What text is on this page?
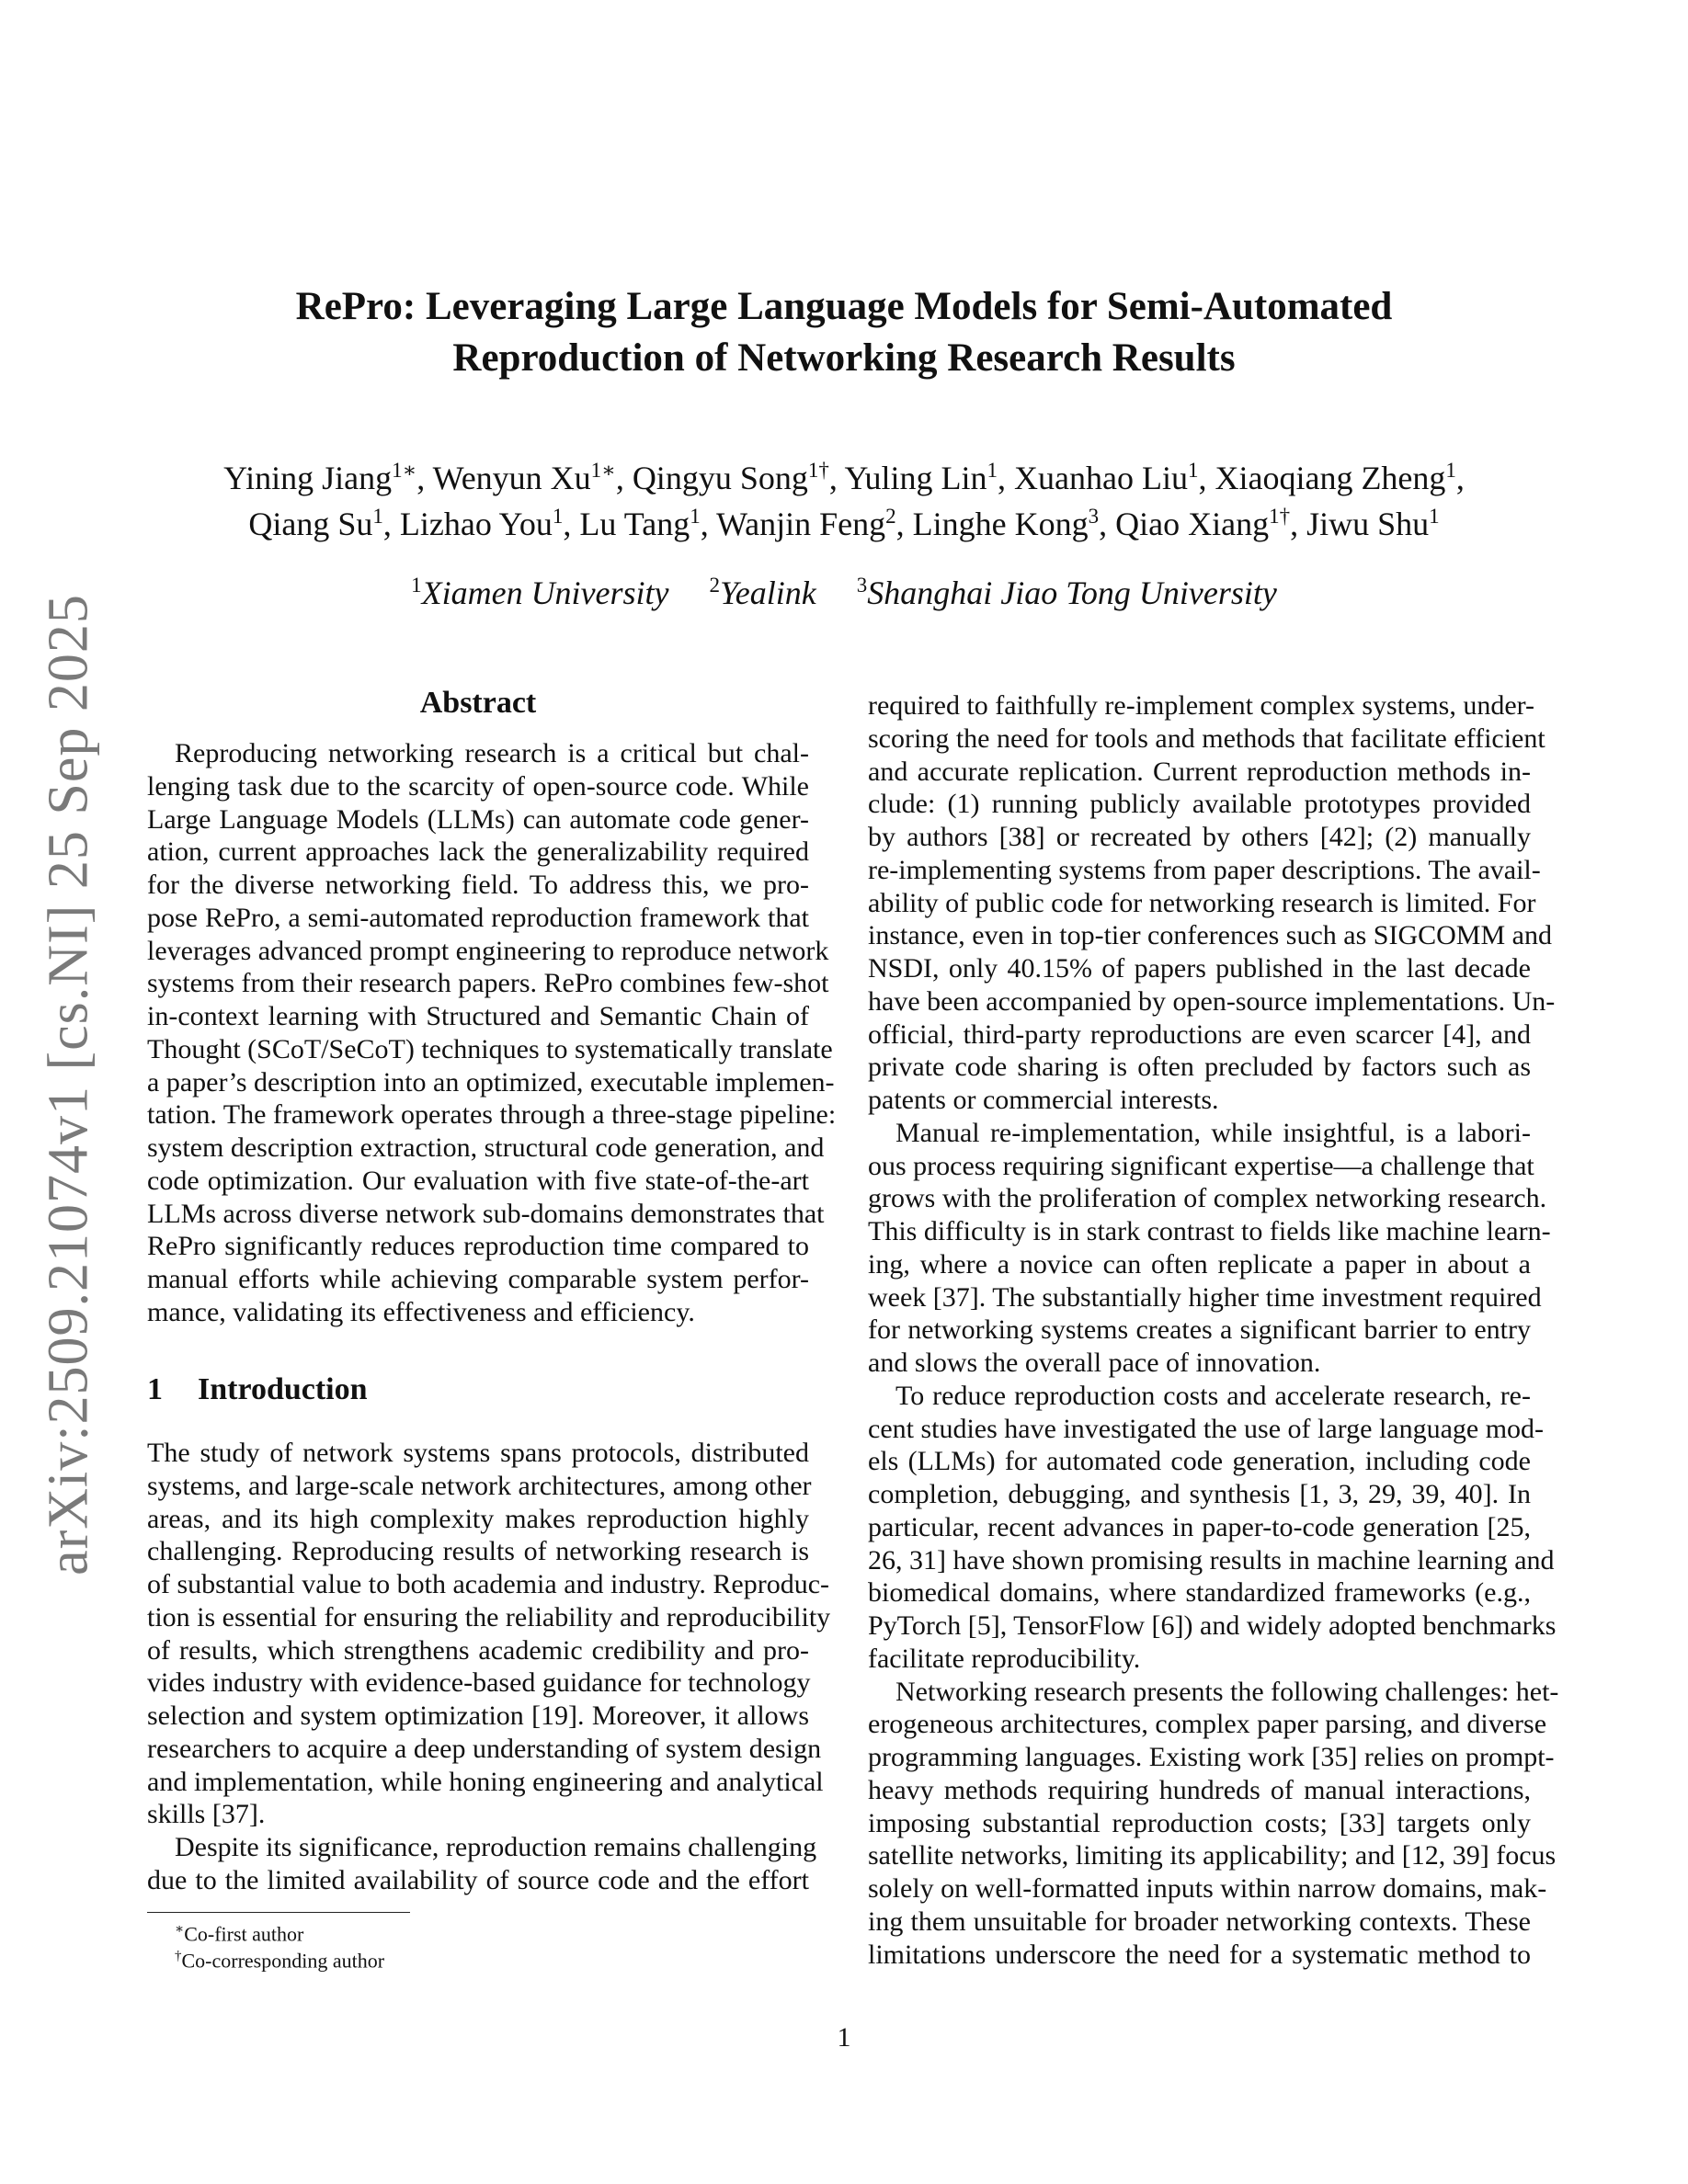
arXiv:2509.21074v1 [cs.NI] 25 Sep 2025
RePro: Leveraging Large Language Models for Semi-Automated
Reproduction of Networking Research Results
Yining Jiang$^{1∗}$, Wenyun $Xu^{1∗}$, Qingyu Song$^{1\dagger}$, Yuling Lin$^1$, Xuanhao Liu$^1$, Xiaoqiang Zheng$^1$,
Qiang Su$^1$, Lizhao You$^1$, Lu Tang$^1$, Wanjin Feng$^2$, Linghe Kong$^3$, Qiao Xiang$^{1\dagger}$, Jiwu Shu$^1$
$^1$Xiamen University $^2$Yealink $^3$Shanghai Jiao Tong University
Abstract
Reproducing networking research is a critical but chal-
lenging task due to the scarcity of open-source code. While
Large Language Models (LLMs) can automate code gener-
ation, current approaches lack the generalizability required
for the diverse networking field. To address this, we pro-
pose RePro, a semi-automated reproduction framework that
leverages advanced prompt engineering to reproduce network
systems from their research papers. RePro combines few-shot
in-context learning with Structured and Semantic Chain of
Thought (SCoT/SeCoT) techniques to systematically translate
a paper’s description into an optimized, executable implemen-
tation. The framework operates through a three-stage pipeline:
system description extraction, structural code generation, and
code optimization. Our evaluation with five state-of-the-art
LLMs across diverse network sub-domains demonstrates that
RePro significantly reduces reproduction time compared to
manual efforts while achieving comparable system perfor-
mance, validating its effectiveness and efficiency.
1 Introduction
The study of network systems spans protocols, distributed
systems, and large-scale network architectures, among other
areas, and its high complexity makes reproduction highly
challenging. Reproducing results of networking research is
of substantial value to both academia and industry. Reproduc-
tion is essential for ensuring the reliability and reproducibility
of results, which strengthens academic credibility and pro-
vides industry with evidence-based guidance for technology
selection and system optimization [19]. Moreover, it allows
researchers to acquire a deep understanding of system design
and implementation, while honing engineering and analytical
skills [37].
Despite its significance, reproduction remains challenging
due to the limited availability of source code and the effort
required to faithfully re-implement complex systems, under-
scoring the need for tools and methods that facilitate efficient
and accurate replication. Current reproduction methods in-
clude: (1) running publicly available prototypes provided
by authors [38] or recreated by others [42]; (2) manually
re-implementing systems from paper descriptions. The avail-
ability of public code for networking research is limited. For
instance, even in top-tier conferences such as SIGCOMM and
NSDI, only 40.15% of papers published in the last decade
have been accompanied by open-source implementations. Un-
official, third-party reproductions are even scarcer [4], and
private code sharing is often precluded by factors such as
patents or commercial interests.
Manual re-implementation, while insightful, is a labori-
ous process requiring significant expertise—a challenge that
grows with the proliferation of complex networking research.
This difficulty is in stark contrast to fields like machine learn-
ing, where a novice can often replicate a paper in about a
week [37]. The substantially higher time investment required
for networking systems creates a significant barrier to entry
and slows the overall pace of innovation.
To reduce reproduction costs and accelerate research, re-
cent studies have investigated the use of large language mod-
els (LLMs) for automated code generation, including code
completion, debugging, and synthesis [1, 3, 29, 39, 40]. In
particular, recent advances in paper-to-code generation [25,
26, 31] have shown promising results in machine learning and
biomedical domains, where standardized frameworks (e.g.,
PyTorch [5], TensorFlow [6]) and widely adopted benchmarks
facilitate reproducibility.
Networking research presents the following challenges: het-
erogeneous architectures, complex paper parsing, and diverse
programming languages. Existing work [35] relies on prompt-
heavy methods requiring hundreds of manual interactions,
imposing substantial reproduction costs; [33] targets only
satellite networks, limiting its applicability; and [12, 39] focus
solely on well-formatted inputs within narrow domains, mak-
ing them unsuitable for broader networking contexts. These
limitations underscore the need for a systematic method to
∗Co-first author
†Co-corresponding author
1
